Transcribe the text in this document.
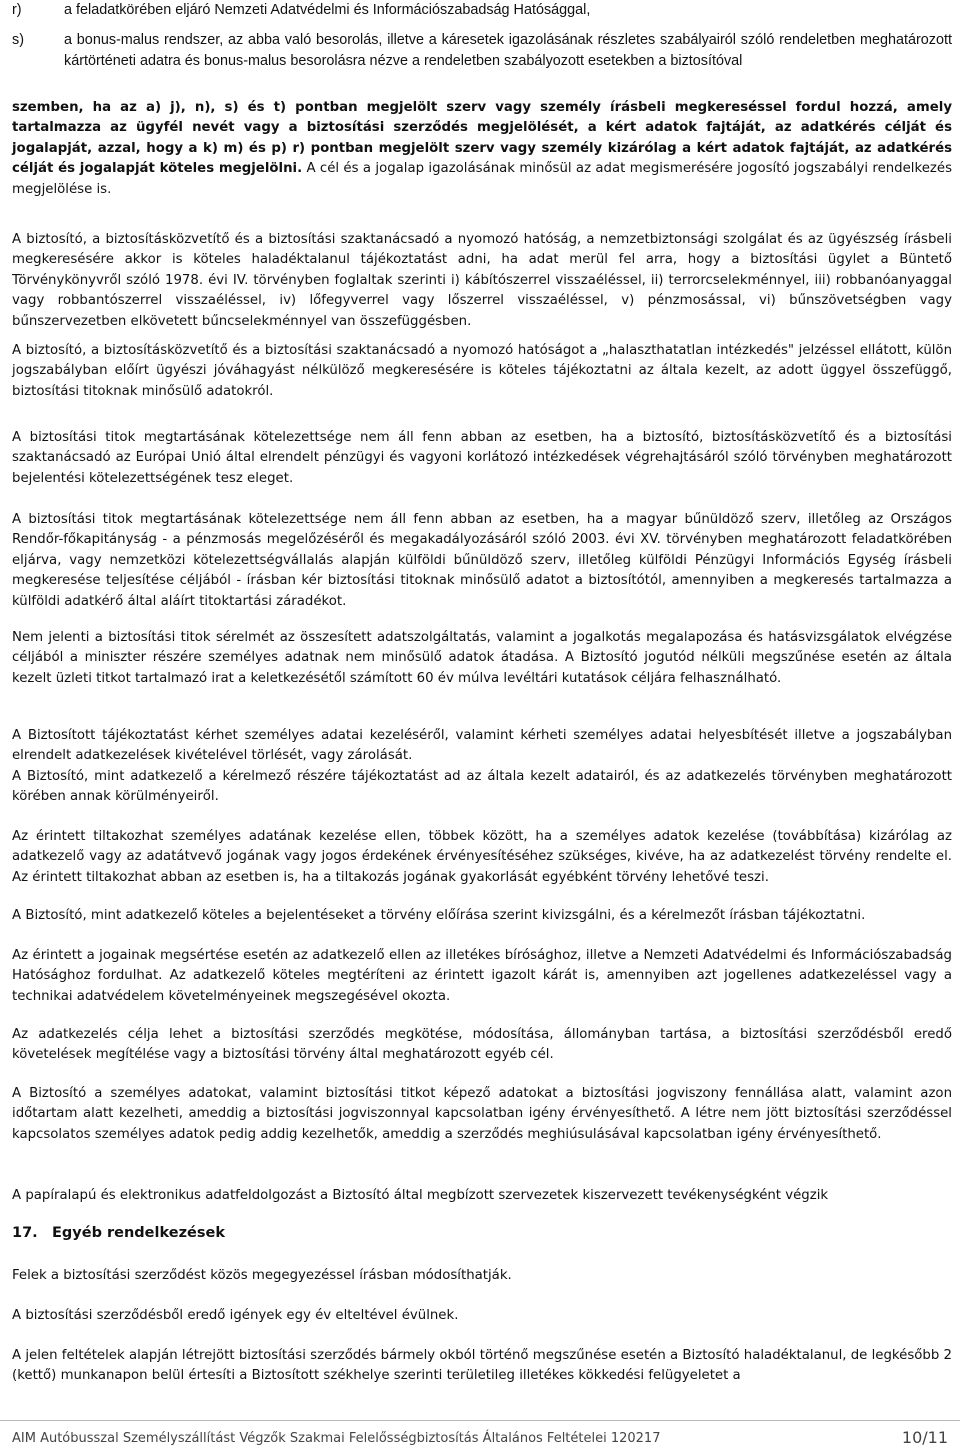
r)	a feladatkörében eljáró Nemzeti Adatvédelmi és Információszabadság Hatósággal,
s)	a bonus-malus rendszer, az abba való besorolás, illetve a káresetek igazolásának részletes szabályairól szóló rendeletben meghatározott kártörténeti adatra és bonus-malus besorolásra nézve a rendeletben szabályozott esetekben a biztosítóval
szemben, ha az a) j), n), s) és t) pontban megjelölt szerv vagy személy írásbeli megkereséssel fordul hozzá, amely tartalmazza az ügyfél nevét vagy a biztosítási szerződés megjelölését, a kért adatok fajtáját, az adatkérés célját és jogalapját, azzal, hogy a k) m) és p) r) pontban megjelölt szerv vagy személy kizárólag a kért adatok fajtáját, az adatkérés célját és jogalapját köteles megjelölni. A cél és a jogalap igazolásának minősül az adat megismerésére jogosító jogszabályi rendelkezés megjelölése is.
A biztosító, a biztosításközvetítő és a biztosítási szaktanácsadó a nyomozó hatóság, a nemzetbiztonsági szolgálat és az ügyészség írásbeli megkeresésére akkor is köteles haladéktalanul tájékoztatást adni, ha adat merül fel arra, hogy a biztosítási ügylet a Büntető Törvénykönyvről szóló 1978. évi IV. törvényben foglaltak szerinti i) kábítószerrel visszaéléssel, ii) terrorcselekménnyel, iii) robbanóanyaggal vagy robbantószerrel visszaéléssel, iv) lőfegyverrel vagy lőszerrel visszaéléssel, v) pénzmosással, vi) bűnszövetségben vagy bűnszervezetben elkövetett bűncselekménnyel van összefüggésben.
A biztosító, a biztosításközvetítő és a biztosítási szaktanácsadó a nyomozó hatóságot a „halaszthatatlan intézkedés" jelzéssel ellátott, külön jogszabályban előírt ügyészi jóváhagyást nélkülöző megkeresésére is köteles tájékoztatni az általa kezelt, az adott üggyel összefüggő, biztosítási titoknak minősülő adatokról.
A biztosítási titok megtartásának kötelezettsége nem áll fenn abban az esetben, ha a biztosító, biztosításközvetítő és a biztosítási szaktanácsadó az Európai Unió által elrendelt pénzügyi és vagyoni korlátozó intézkedések végrehajtásáról szóló törvényben meghatározott bejelentési kötelezettségének tesz eleget.
A biztosítási titok megtartásának kötelezettsége nem áll fenn abban az esetben, ha a magyar bűnüldöző szerv, illetőleg az Országos Rendőr-főkapitányság - a pénzmosás megelőzéséről és megakadályozásáról szóló 2003. évi XV. törvényben meghatározott feladatkörében eljárva, vagy nemzetközi kötelezettségvállalás alapján külföldi bűnüldöző szerv, illetőleg külföldi Pénzügyi Információs Egység írásbeli megkeresése teljesítése céljából - írásban kér biztosítási titoknak minősülő adatot a biztosítótól, amennyiben a megkeresés tartalmazza a külföldi adatkérő által aláírt titoktartási záradékot.
Nem jelenti a biztosítási titok sérelmét az összesített adatszolgáltatás, valamint a jogalkotás megalapozása és hatásvizsgálatok elvégzése céljából a miniszter részére személyes adatnak nem minősülő adatok átadása. A Biztosító jogutód nélküli megszűnése esetén az általa kezelt üzleti titkot tartalmazó irat a keletkezésétől számított 60 év múlva levéltári kutatások céljára felhasználható.
A Biztosított tájékoztatást kérhet személyes adatai kezeléséről, valamint kérheti személyes adatai helyesbítését illetve a jogszabályban elrendelt adatkezelések kivételével törlését, vagy zárolását.
A Biztosító, mint adatkezelő a kérelmező részére tájékoztatást ad az általa kezelt adatairól, és az adatkezelés törvényben meghatározott körében annak körülményeiről.
Az érintett tiltakozhat személyes adatának kezelése ellen, többek között, ha a személyes adatok kezelése (továbbítása) kizárólag az adatkezelő vagy az adatátvevő jogának vagy jogos érdekének érvényesítéséhez szükséges, kivéve, ha az adatkezelést törvény rendelte el. Az érintett tiltakozhat abban az esetben is, ha a tiltakozás jogának gyakorlását egyébként törvény lehetővé teszi.
A Biztosító, mint adatkezelő köteles a bejelentéseket a törvény előírása szerint kivizsgálni, és a kérelmezőt írásban tájékoztatni.
Az érintett a jogainak megsértése esetén az adatkezelő ellen az illetékes bírósághoz, illetve a Nemzeti Adatvédelmi és Információszabadság Hatósághoz fordulhat. Az adatkezelő köteles megtéríteni az érintett igazolt kárát is, amennyiben azt jogellenes adatkezeléssel vagy a technikai adatvédelem követelményeinek megszegésével okozta.
Az adatkezelés célja lehet a biztosítási szerződés megkötése, módosítása, állományban tartása, a biztosítási szerződésből eredő követelések megítélése vagy a biztosítási törvény által meghatározott egyéb cél.
A Biztosító a személyes adatokat, valamint biztosítási titkot képező adatokat a biztosítási jogviszony fennállása alatt, valamint azon időtartam alatt kezelheti, ameddig a biztosítási jogviszonnyal kapcsolatban igény érvényesíthető. A létre nem jött biztosítási szerződéssel kapcsolatos személyes adatok pedig addig kezelhetők, ameddig a szerződés meghiúsulásával kapcsolatban igény érvényesíthető.
A papíralapú és elektronikus adatfeldolgozást a Biztosító által megbízott szervezetek kiszervezett tevékenységként végzik
17. Egyéb rendelkezések
Felek a biztosítási szerződést közös megegyezéssel írásban módosíthatják.
A biztosítási szerződésből eredő igények egy év elteltével évülnek.
A jelen feltételek alapján létrejött biztosítási szerződés bármely okból történő megszűnése esetén a Biztosító haladéktalanul, de legkésőbb 2 (kettő) munkanapon belül értesíti a Biztosított székhelye szerinti területileg illetékes kökkedési felügyeletet a
AIM Autóbusszal Személyszállítást Végzők Szakmai Felelősségbiztosítás Általános Feltételei 120217	10/11
